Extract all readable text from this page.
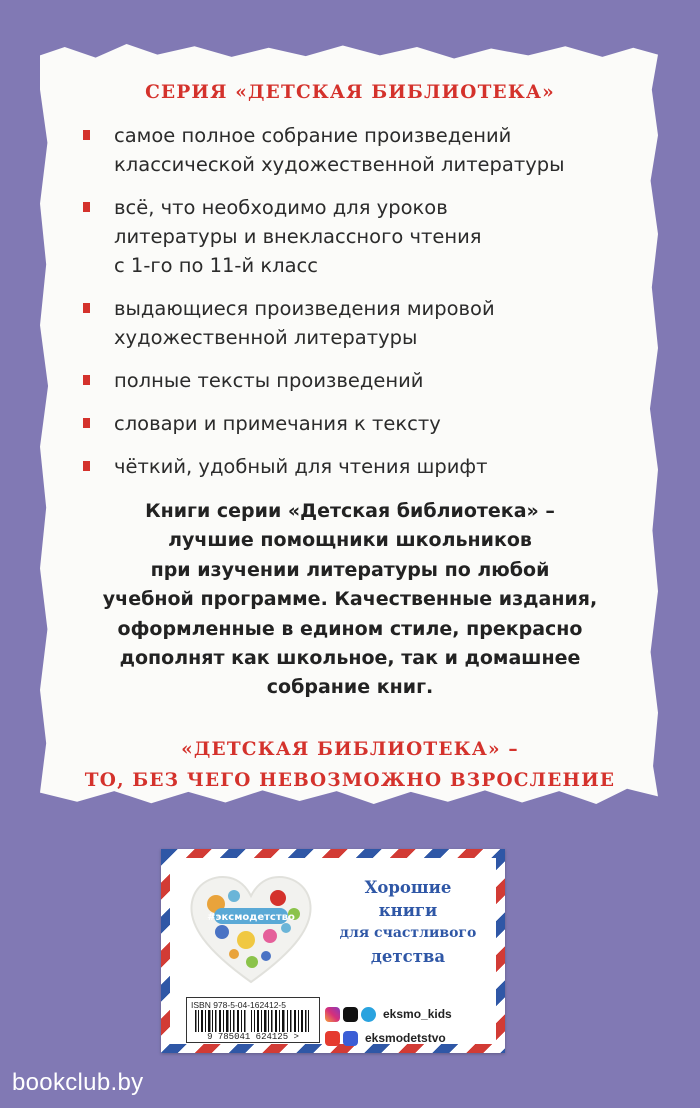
СЕРИЯ «ДЕТСКАЯ БИБЛИОТЕКА»
самое полное собрание произведений
классической художественной литературы
всё, что необходимо для уроков
литературы и внеклассного чтения
с 1-го по 11-й класс
выдающиеся произведения мировой
художественной литературы
полные тексты произведений
словари и примечания к тексту
чёткий, удобный для чтения шрифт
Книги серии «Детская библиотека» –
лучшие помощники школьников
при изучении литературы по любой
учебной программе. Качественные издания,
оформленные в едином стиле, прекрасно
дополнят как школьное, так и домашнее
собрание книг.
«ДЕТСКАЯ БИБЛИОТЕКА» –
ТО, БЕЗ ЧЕГО НЕВОЗМОЖНО ВЗРОСЛЕНИЕ
#эксмодетство
Хорошие
книги
для счастливого
детства
ISBN 978-5-04-162412-5
9 785041 624125 >
eksmo_kids
eksmodetstvo
bookclub.by
